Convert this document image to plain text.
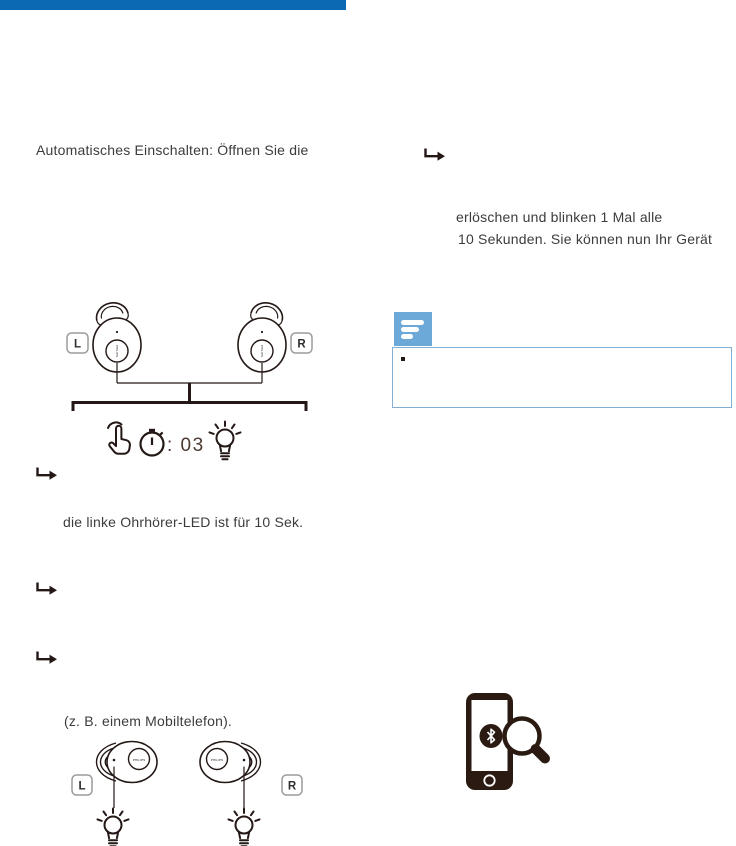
Automatisches Einschalten: Öffnen Sie die
erlöschen und blinken 1 Mal alle
10 Sekunden. Sie können nun Ihr Gerät
PHILIPS	PHILIPS
L	R
: 03
die linke Ohrhörer-LED ist für 10 Sek.
(z. B. einem Mobiltelefon).
PHILIPS	PHILIPS
L	R
